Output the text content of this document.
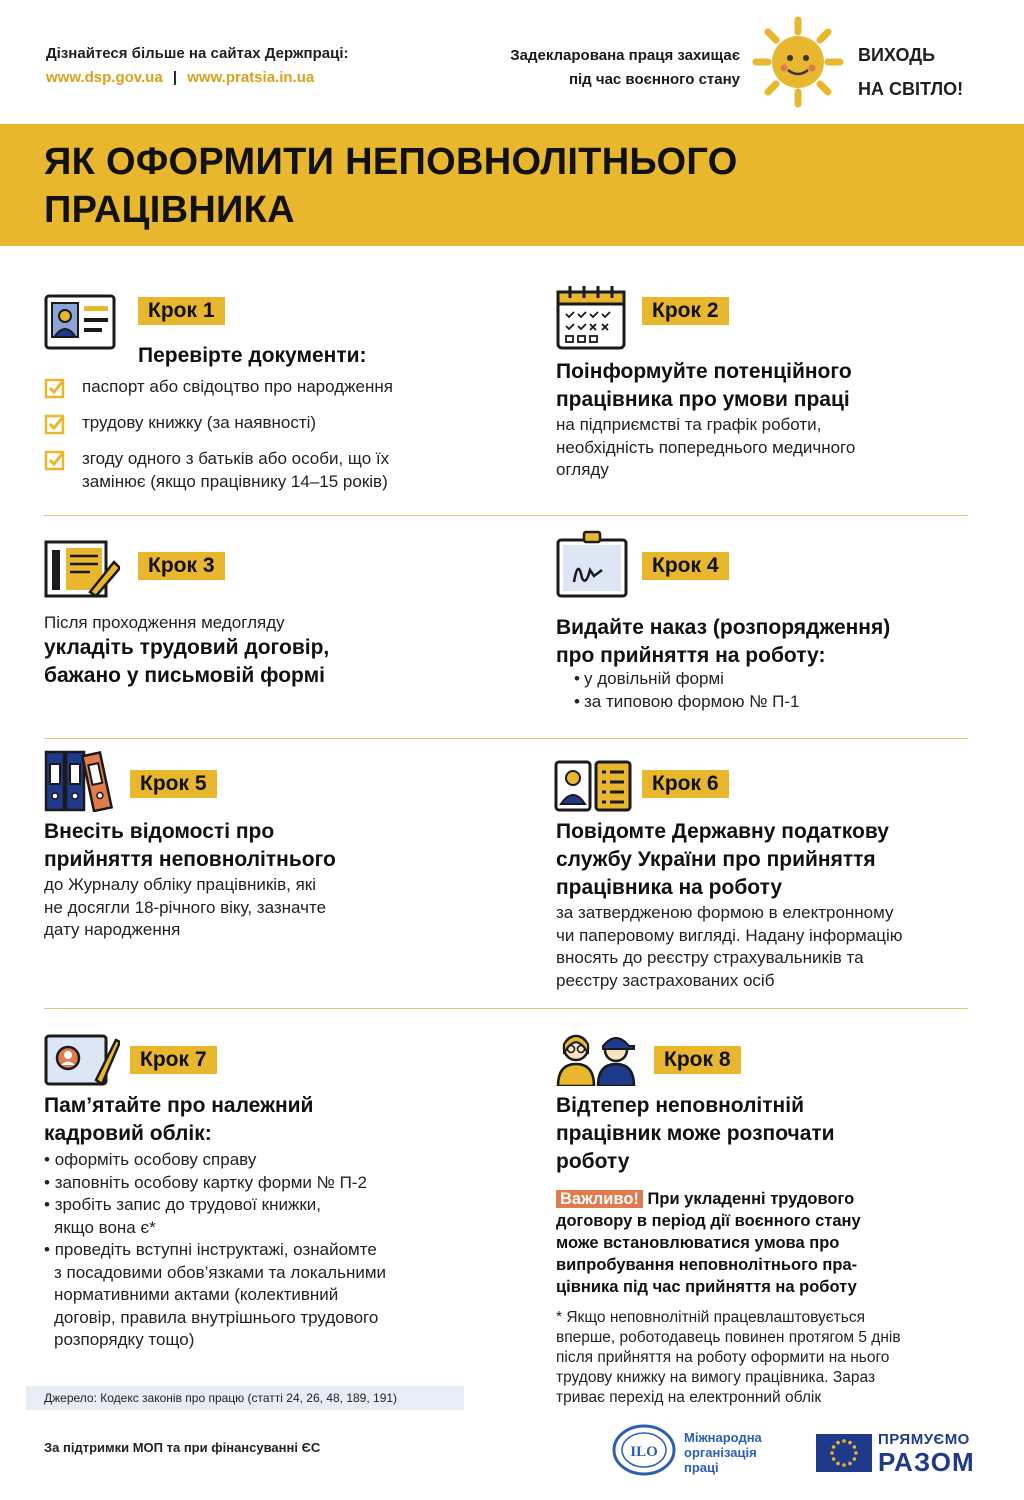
Дізнайтеся більше на сайтах Держпраці:
www.dsp.gov.ua | www.pratsia.in.ua
Задекларована праця захищає
під час воєнного стану
ВИХОДЬ
НА СВІТЛО!
ЯК ОФОРМИТИ НЕПОВНОЛІТНЬОГО
ПРАЦІВНИКА
Крок 1
Перевірте документи:
паспорт або свідоцтво про народження
трудову книжку (за наявності)
згоду одного з батьків або особи, що їх
замінює (якщо працівнику 14–15 років)
Крок 2
Поінформуйте потенційного
працівника про умови праці
на підприємстві та графік роботи,
необхідність попереднього медичного
огляду
Крок 3
Після проходження медогляду
укладіть трудовий договір,
бажано у письмовій формі
Крок 4
Видайте наказ (розпорядження)
про прийняття на роботу:
• у довільній формі
• за типовою формою № П-1
Крок 5
Внесіть відомості про
прийняття неповнолітнього
до Журналу обліку працівників, які
не досягли 18-річного віку, зазначте
дату народження
Крок 6
Повідомте Державну податкову
службу України про прийняття
працівника на роботу
за затвердженою формою в електронному
чи паперовому вигляді. Надану інформацію
вносять до реєстру страхувальників та
реєстру застрахованих осіб
Крок 7
Пам’ятайте про належний
кадровий облік:
• оформіть особову справу
• заповніть особову картку форми № П-2
• зробіть запис до трудової книжки,
якщо вона є*
• проведіть вступні інструктажі, ознайомте
з посадовими обов’язками та локальними
нормативними актами (колективний
договір, правила внутрішнього трудового
розпорядку тощо)
Крок 8
Відтепер неповнолітній
працівник може розпочати
роботу
Важливо! При укладенні трудового
договору в період дії воєнного стану
може встановлюватися умова про
випробування неповнолітнього пра-
цівника під час прийняття на роботу
* Якщо неповнолітній працевлаштовується
вперше, роботодавець повинен протягом 5 днів
після прийняття на роботу оформити на нього
трудову книжку на вимогу працівника. Зараз
триває перехід на електронний облік
Джерело: Кодекс законів про працю (статті 24, 26, 48, 189, 191)
За підтримки МОП та при фінансуванні ЄС	ILO
Міжнародна
організація
праці
ПРЯМУЄМО
РАЗОМ
